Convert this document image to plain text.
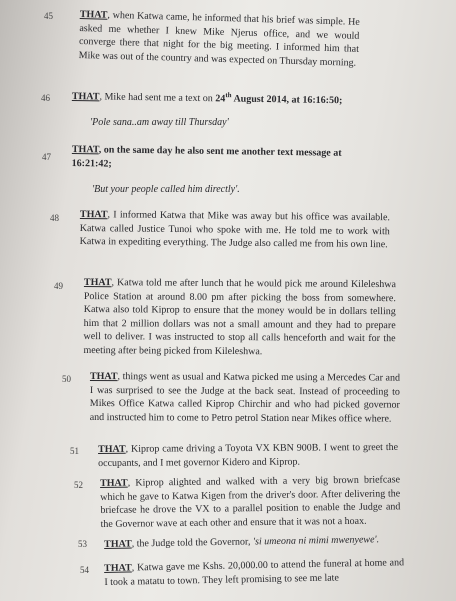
45	THAT, when Katwa came, he informed that his brief was simple. He asked me whether I knew Mike Njerus office, and we would converge there that night for the big meeting. I informed him that Mike was out of the country and was expected on Thursday morning.
46 THAT, Mike had sent me a text on 24th August 2014, at 16:16:50;
'Pole sana..am away till Thursday'
47
THAT, on the same day he also sent me another text message at 16:21:42;
'But your people called him directly'.
48 THAT, I informed Katwa that Mike was away but his office was available. Katwa called Justice Tunoi who spoke with me. He told me to work with Katwa in expediting everything. The Judge also called me from his own line.
49 THAT, Katwa told me after lunch that he would pick me around Kileleshwa Police Station at around 8.00 pm after picking the boss from somewhere. Katwa also told Kiprop to ensure that the money would be in dollars telling him that 2 million dollars was not a small amount and they had to prepare well to deliver. I was instructed to stop all calls henceforth and wait for the meeting after being picked from Kileleshwa.
50 THAT, things went as usual and Katwa picked me using a Mercedes Car and I was surprised to see the Judge at the back seat. Instead of proceeding to Mikes Office Katwa called Kiprop Chirchir and who had picked governor and instructed him to come to Petro petrol Station near Mikes office where.
51 THAT, Kiprop came driving a Toyota VX KBN 900B. I went to greet the occupants, and I met governor Kidero and Kiprop.
52 THAT, Kiprop alighted and walked with a very big brown briefcase which he gave to Katwa Kigen from the driver's door. After delivering the briefcase he drove the VX to a parallel position to enable the Judge and the Governor wave at each other and ensure that it was not a hoax.
53 THAT, the Judge told the Governor, 'si umeona ni mimi mwenyewe'.
54 THAT, Katwa gave me Kshs. 20,000.00 to attend the funeral at home and I took a matatu to town. They left promising to see me late
